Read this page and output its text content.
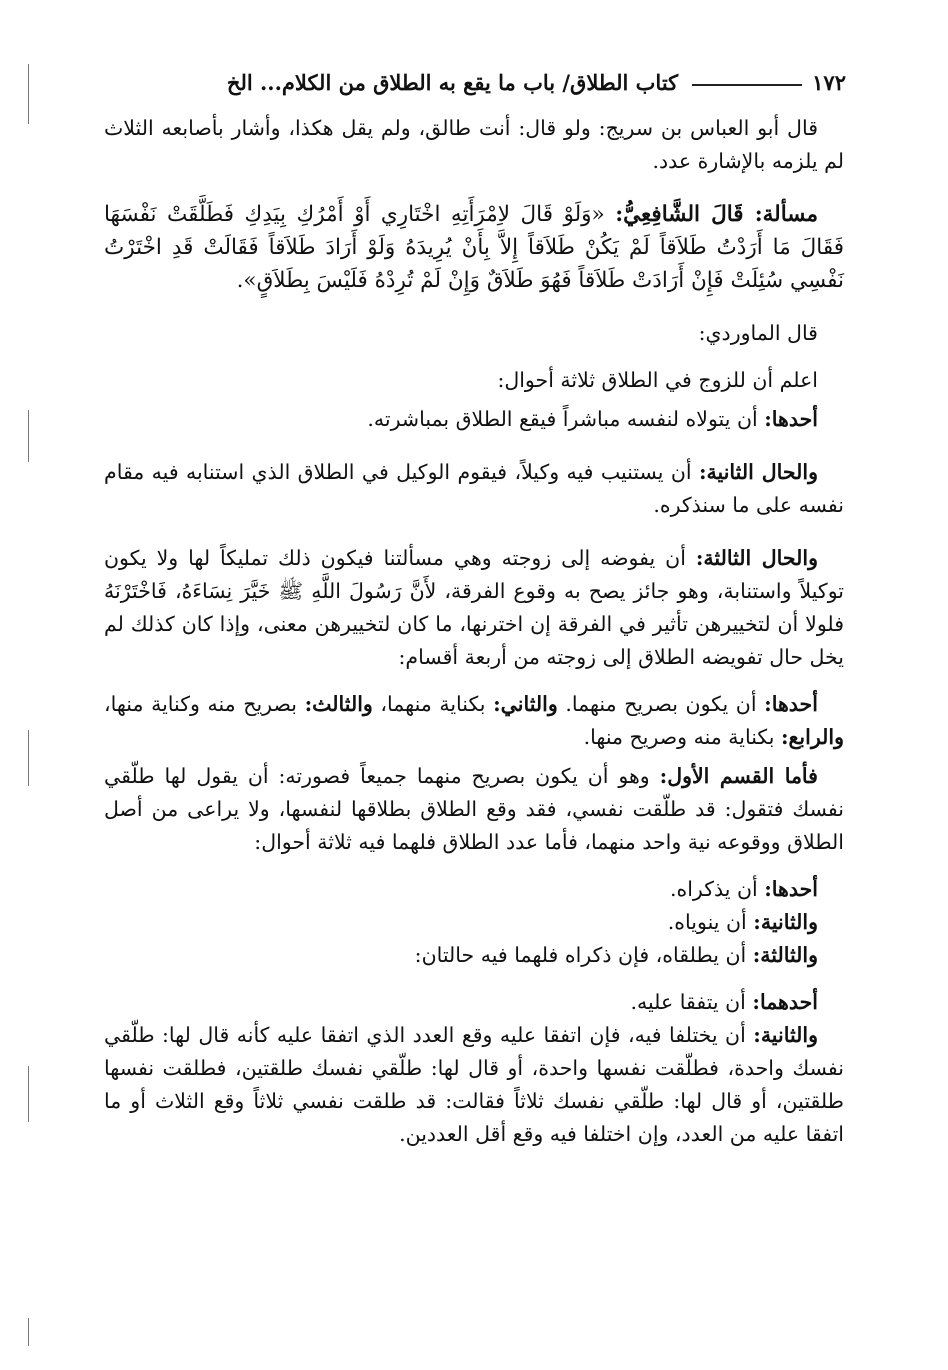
١٧٢
كتاب الطلاق/ باب ما يقع به الطلاق من الكلام... الخ

قال أبو العباس بن سريج: ولو قال: أنت طالق، ولم يقل هكذا، وأشار بأصابعه الثلاث لم يلزمه بالإشارة عدد.

مسألة: قَالَ الشَّافِعِيُّ: «وَلَوْ قَالَ لاِمْرَأَتِهِ اخْتَارِي أَوْ أَمْرُكِ بِيَدِكِ فَطَلَّقَتْ نَفْسَهَا فَقَالَ مَا أَرَدْتُ طَلاَقاً لَمْ يَكُنْ طَلاَقاً إِلاَّ بِأَنْ يُرِيدَهُ وَلَوْ أَرَادَ طَلاَقاً فَقَالَتْ قَدِ اخْتَرْتُ نَفْسِي سُئِلَتْ فَإِنْ أَرَادَتْ طَلاَقاً فَهُوَ طَلاَقٌ وَإِنْ لَمْ تُرِدْهُ فَلَيْسَ بِطَلاَقٍ».

قال الماوردي:

اعلم أن للزوج في الطلاق ثلاثة أحوال:

أحدها: أن يتولاه لنفسه مباشراً فيقع الطلاق بمباشرته.

والحال الثانية: أن يستنيب فيه وكيلاً، فيقوم الوكيل في الطلاق الذي استنابه فيه مقام نفسه على ما سنذكره.

والحال الثالثة: أن يفوضه إلى زوجته وهي مسألتنا فيكون ذلك تمليكاً لها ولا يكون توكيلاً واستنابة، وهو جائز يصح به وقوع الفرقة، لأَنَّ رَسُولَ اللَّهِ ﷺ خَيَّرَ نِسَاءَهُ، فَاخْتَرْنَهُ فلولا أن لتخييرهن تأثير في الفرقة إن اخترنها، ما كان لتخييرهن معنى، وإذا كان كذلك لم يخل حال تفويضه الطلاق إلى زوجته من أربعة أقسام:

أحدها: أن يكون بصريح منهما. والثاني: بكناية منهما، والثالث: بصريح منه وكناية منها، والرابع: بكناية منه وصريح منها.

فأما القسم الأول: وهو أن يكون بصريح منهما جميعاً فصورته: أن يقول لها طلّقي نفسك فتقول: قد طلّقت نفسي، فقد وقع الطلاق بطلاقها لنفسها، ولا يراعى من أصل الطلاق ووقوعه نية واحد منهما، فأما عدد الطلاق فلهما فيه ثلاثة أحوال:

أحدها: أن يذكراه.

والثانية: أن ينوياه.

والثالثة: أن يطلقاه، فإن ذكراه فلهما فيه حالتان:

أحدهما: أن يتفقا عليه.

والثانية: أن يختلفا فيه، فإن اتفقا عليه وقع العدد الذي اتفقا عليه كأنه قال لها: طلّقي نفسك واحدة، فطلّقت نفسها واحدة، أو قال لها: طلّقي نفسك طلقتين، فطلقت نفسها طلقتين، أو قال لها: طلّقي نفسك ثلاثاً فقالت: قد طلقت نفسي ثلاثاً وقع الثلاث أو ما اتفقا عليه من العدد، وإن اختلفا فيه وقع أقل العددين.
